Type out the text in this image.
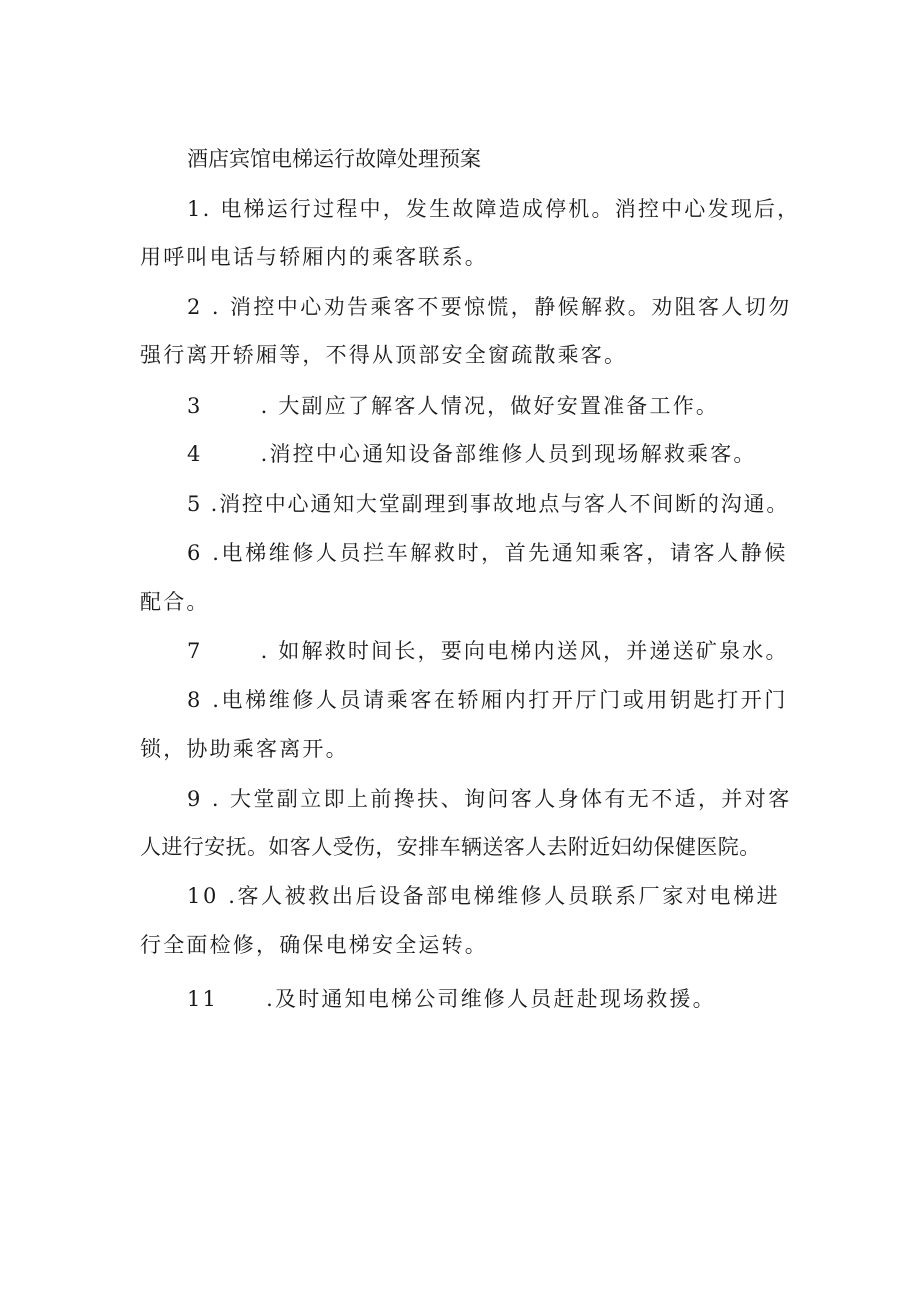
酒店宾馆电梯运行故障处理预案
1. 电梯运行过程中，发生故障造成停机。消控中心发现后，
用呼叫电话与轿厢内的乘客联系。
2 . 消控中心劝告乘客不要惊慌，静候解救。劝阻客人切勿
强行离开轿厢等，不得从顶部安全窗疏散乘客。
3	. 大副应了解客人情况，做好安置准备工作。
4	.消控中心通知设备部维修人员到现场解救乘客。
5 .消控中心通知大堂副理到事故地点与客人不间断的沟通。
6 .电梯维修人员拦车解救时，首先通知乘客，请客人静候
配合。
7	. 如解救时间长，要向电梯内送风，并递送矿泉水。
8 .电梯维修人员请乘客在轿厢内打开厅门或用钥匙打开门
锁，协助乘客离开。
9 . 大堂副立即上前搀扶、询问客人身体有无不适，并对客
人进行安抚。如客人受伤，安排车辆送客人去附近妇幼保健医院。
10 .客人被救出后设备部电梯维修人员联系厂家对电梯进
行全面检修，确保电梯安全运转。
11 .及时通知电梯公司维修人员赶赴现场救援。
